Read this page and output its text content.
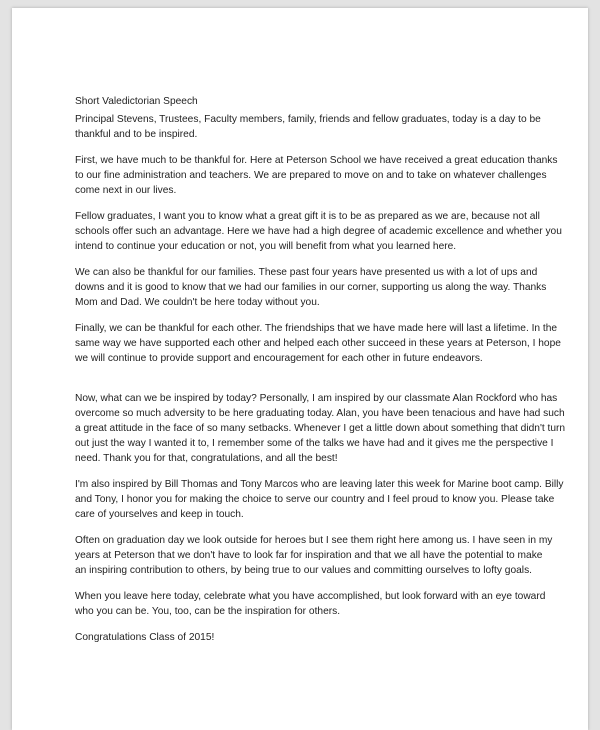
Short Valedictorian Speech
Principal Stevens, Trustees, Faculty members, family, friends and fellow graduates, today is a day to be
thankful and to be inspired.
First, we have much to be thankful for. Here at Peterson School we have received a great education thanks
to our fine administration and teachers. We are prepared to move on and to take on whatever challenges
come next in our lives.
Fellow graduates, I want you to know what a great gift it is to be as prepared as we are, because not all
schools offer such an advantage. Here we have had a high degree of academic excellence and whether you
intend to continue your education or not, you will benefit from what you learned here.
We can also be thankful for our families. These past four years have presented us with a lot of ups and
downs and it is good to know that we had our families in our corner, supporting us along the way. Thanks
Mom and Dad. We couldn't be here today without you.
Finally, we can be thankful for each other. The friendships that we have made here will last a lifetime. In the
same way we have supported each other and helped each other succeed in these years at Peterson, I hope
we will continue to provide support and encouragement for each other in future endeavors.
Now, what can we be inspired by today? Personally, I am inspired by our classmate Alan Rockford who has
overcome so much adversity to be here graduating today. Alan, you have been tenacious and have had such
a great attitude in the face of so many setbacks. Whenever I get a little down about something that didn't turn
out just the way I wanted it to, I remember some of the talks we have had and it gives me the perspective I
need. Thank you for that, congratulations, and all the best!
I'm also inspired by Bill Thomas and Tony Marcos who are leaving later this week for Marine boot camp. Billy
and Tony, I honor you for making the choice to serve our country and I feel proud to know you. Please take
care of yourselves and keep in touch.
Often on graduation day we look outside for heroes but I see them right here among us. I have seen in my
years at Peterson that we don't have to look far for inspiration and that we all have the potential to make
an inspiring contribution to others, by being true to our values and committing ourselves to lofty goals.
When you leave here today, celebrate what you have accomplished, but look forward with an eye toward
who you can be. You, too, can be the inspiration for others.
Congratulations Class of 2015!
